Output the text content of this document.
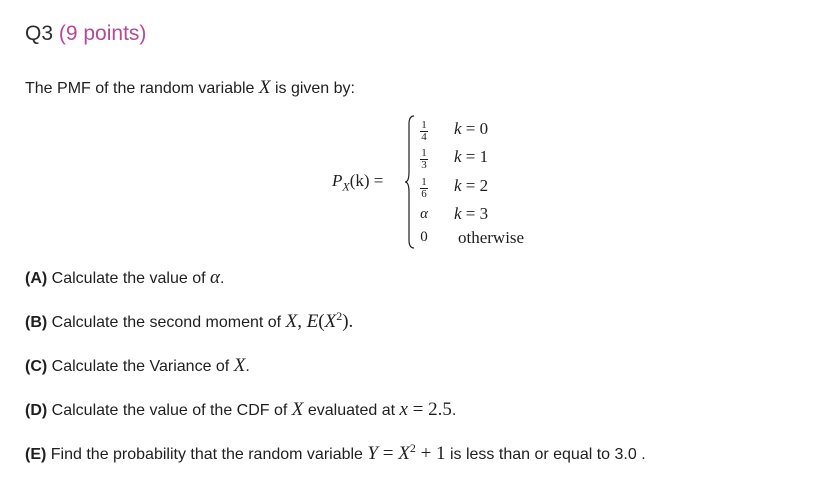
Q3 (9 points)
The PMF of the random variable X is given by:
$P_X(k)$ =
$\frac{1}{4}$ k = 0
$\frac{1}{3}$ k = 1
$\frac{1}{6}$ k = 2
α k = 3
0 otherwise
(A) Calculate the value of α.
(B) Calculate the second moment of X, $E(X^2)$.
(C) Calculate the Variance of X.
(D) Calculate the value of the CDF of X evaluated at x = 2.5.
(E) Find the probability that the random variable $Y = X^2 + 1$ is less than or equal to 3.0 .
